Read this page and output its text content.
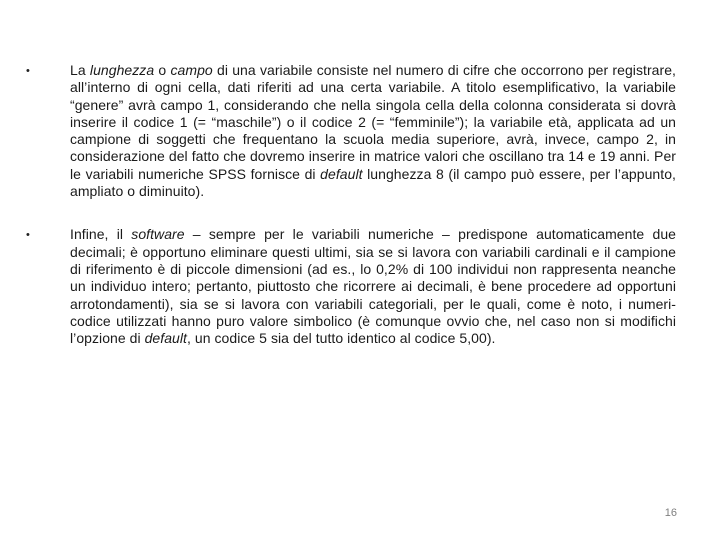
•	La lunghezza o campo di una variabile consiste nel numero di cifre che occorrono per registrare, all’interno di ogni cella, dati riferiti ad una certa variabile. A titolo esemplificativo, la variabile “genere” avrà campo 1, considerando che nella singola cella della colonna considerata si dovrà inserire il codice 1 (= “maschile”) o il codice 2 (= “femminile”); la variabile età, applicata ad un campione di soggetti che frequentano la scuola media superiore, avrà, invece, campo 2, in considerazione del fatto che dovremo inserire in matrice valori che oscillano tra 14 e 19 anni. Per le variabili numeriche SPSS fornisce di default lunghezza 8 (il campo può essere, per l’appunto, ampliato o diminuito).

•	Infine, il software – sempre per le variabili numeriche – predispone automaticamente due decimali; è opportuno eliminare questi ultimi, sia se si lavora con variabili cardinali e il campione di riferimento è di piccole dimensioni (ad es., lo 0,2% di 100 individui non rappresenta neanche un individuo intero; pertanto, piuttosto che ricorrere ai decimali, è bene procedere ad opportuni arrotondamenti), sia se si lavora con variabili categoriali, per le quali, come è noto, i numeri-codice utilizzati hanno puro valore simbolico (è comunque ovvio che, nel caso non si modifichi l’opzione di default, un codice 5 sia del tutto identico al codice 5,00).

16
